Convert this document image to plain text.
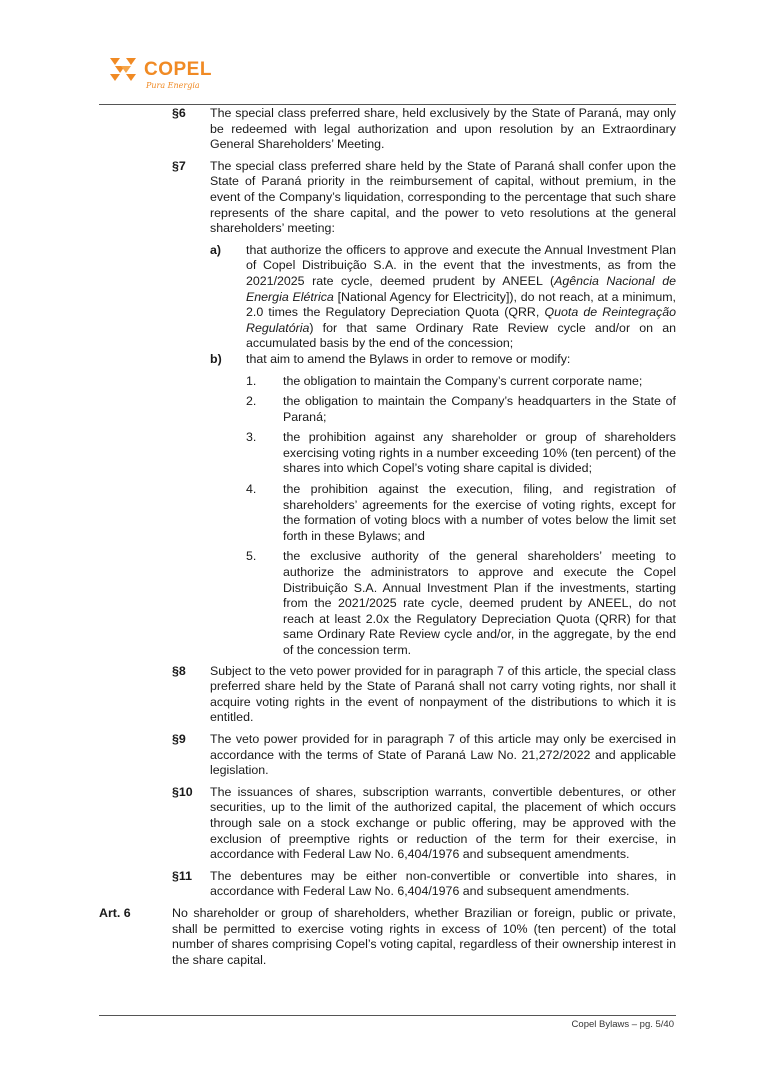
COPEL
Pura Energia
§6	The special class preferred share, held exclusively by the State of Paraná, may only be redeemed with legal authorization and upon resolution by an Extraordinary General Shareholders’ Meeting.
§7	The special class preferred share held by the State of Paraná shall confer upon the State of Paraná priority in the reimbursement of capital, without premium, in the event of the Company’s liquidation, corresponding to the percentage that such share represents of the share capital, and the power to veto resolutions at the general shareholders’ meeting:
a)	that authorize the officers to approve and execute the Annual Investment Plan of Copel Distribuição S.A. in the event that the investments, as from the 2021/2025 rate cycle, deemed prudent by ANEEL (Agência Nacional de Energia Elétrica [National Agency for Electricity]), do not reach, at a minimum, 2.0 times the Regulatory Depreciation Quota (QRR, Quota de Reintegração Regulatória) for that same Ordinary Rate Review cycle and/or on an accumulated basis by the end of the concession;
b)	that aim to amend the Bylaws in order to remove or modify:
1.	the obligation to maintain the Company’s current corporate name;
2.	the obligation to maintain the Company’s headquarters in the State of Paraná;
3.	the prohibition against any shareholder or group of shareholders exercising voting rights in a number exceeding 10% (ten percent) of the shares into which Copel’s voting share capital is divided;
4.	the prohibition against the execution, filing, and registration of shareholders’ agreements for the exercise of voting rights, except for the formation of voting blocs with a number of votes below the limit set forth in these Bylaws; and
5.	the exclusive authority of the general shareholders’ meeting to authorize the administrators to approve and execute the Copel Distribuição S.A. Annual Investment Plan if the investments, starting from the 2021/2025 rate cycle, deemed prudent by ANEEL, do not reach at least 2.0x the Regulatory Depreciation Quota (QRR) for that same Ordinary Rate Review cycle and/or, in the aggregate, by the end of the concession term.
§8	Subject to the veto power provided for in paragraph 7 of this article, the special class preferred share held by the State of Paraná shall not carry voting rights, nor shall it acquire voting rights in the event of nonpayment of the distributions to which it is entitled.
§9	The veto power provided for in paragraph 7 of this article may only be exercised in accordance with the terms of State of Paraná Law No. 21,272/2022 and applicable legislation.
§10	The issuances of shares, subscription warrants, convertible debentures, or other securities, up to the limit of the authorized capital, the placement of which occurs through sale on a stock exchange or public offering, may be approved with the exclusion of preemptive rights or reduction of the term for their exercise, in accordance with Federal Law No. 6,404/1976 and subsequent amendments.
§11	The debentures may be either non-convertible or convertible into shares, in accordance with Federal Law No. 6,404/1976 and subsequent amendments.
Art. 6	No shareholder or group of shareholders, whether Brazilian or foreign, public or private, shall be permitted to exercise voting rights in excess of 10% (ten percent) of the total number of shares comprising Copel’s voting capital, regardless of their ownership interest in the share capital.
Copel Bylaws – pg. 5/40
